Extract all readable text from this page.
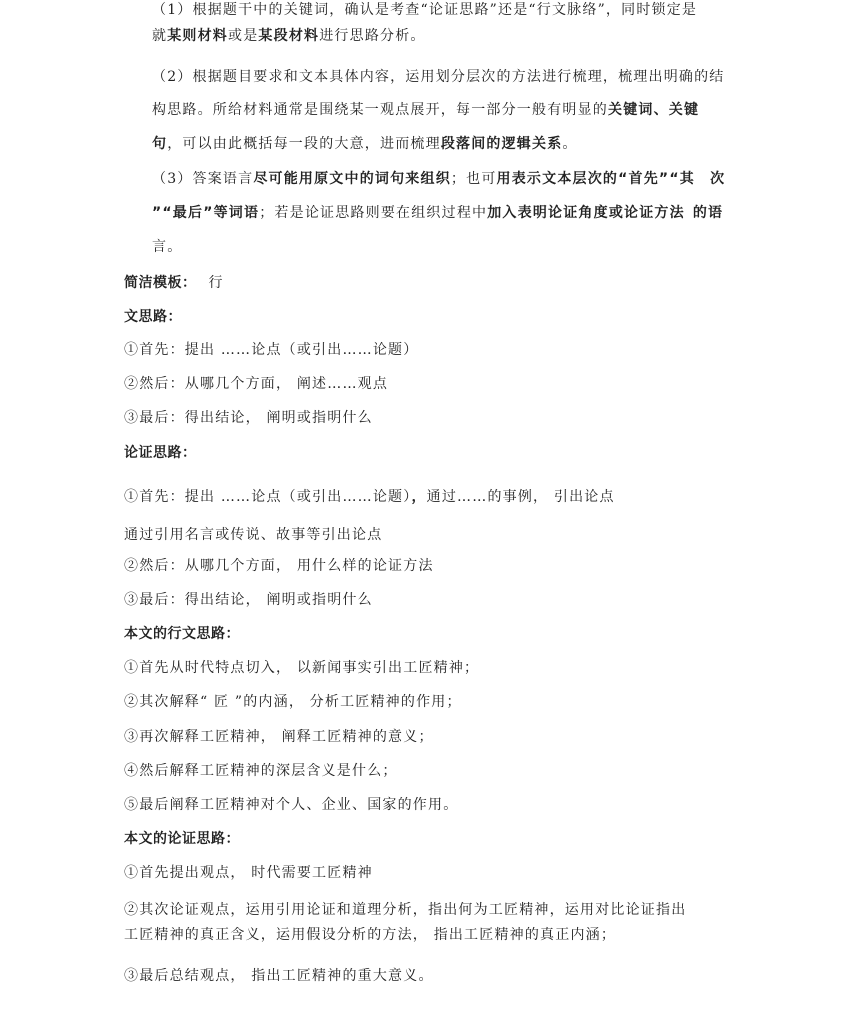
（1）根据题干中的关键词，确认是考查“论证思路”还是“行文脉络”，同时锁定是
就某则材料或是某段材料进行思路分析。
（2）根据题目要求和文本具体内容，运用划分层次的方法进行梳理，梳理出明确的结
构思路。所给材料通常是围绕某一观点展开，每一部分一般有明显的关键词、关键
句，可以由此概括每一段的大意，进而梳理段落间的逻辑关系。
（3）答案语言尽可能用原文中的词句来组织；也可用表示文本层次的“首先”“其　次
”“最后”等词语；若是论证思路则要在组织过程中加入表明论证角度或论证方法 的语
言。
简洁模板： 行
文思路：
①首先：提出 ……论点（或引出……论题）
②然后：从哪几个方面， 阐述……观点
③最后：得出结论， 阐明或指明什么
论证思路：
①首先：提出 ……论点（或引出……论题），通过……的事例， 引出论点
通过引用名言或传说、故事等引出论点
②然后：从哪几个方面， 用什么样的论证方法
③最后：得出结论， 阐明或指明什么
本文的行文思路：
①首先从时代特点切入， 以新闻事实引出工匠精神；
②其次解释“ 匠 ”的内涵， 分析工匠精神的作用；
③再次解释工匠精神， 阐释工匠精神的意义；
④然后解释工匠精神的深层含义是什么；
⑤最后阐释工匠精神对个人、企业、国家的作用。
本文的论证思路：
①首先提出观点， 时代需要工匠精神
②其次论证观点，运用引用论证和道理分析，指出何为工匠精神，运用对比论证指出
工匠精神的真正含义，运用假设分析的方法， 指出工匠精神的真正内涵；
③最后总结观点， 指出工匠精神的重大意义。
